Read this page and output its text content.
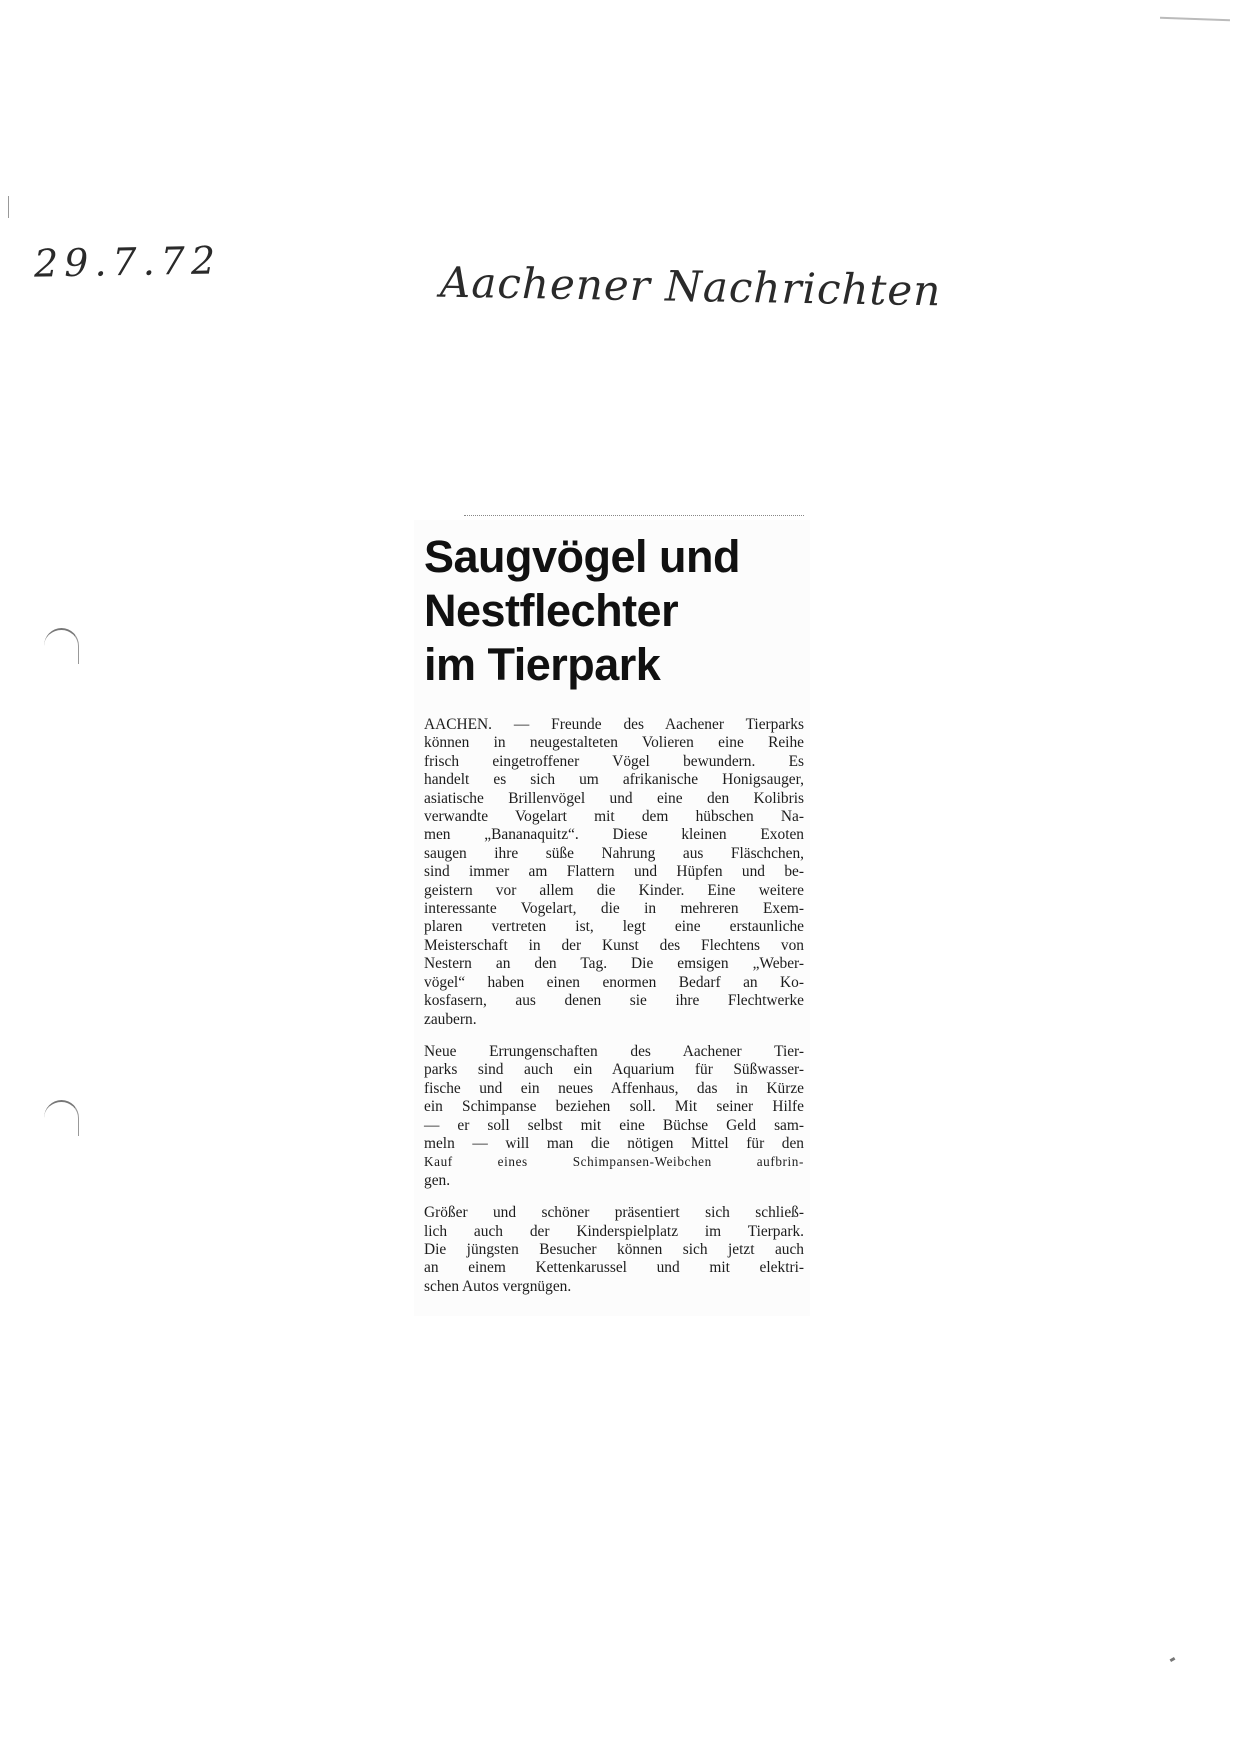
29.7.72	Aachener Nachrichten
Saugvögel und
Nestflechter
im Tierpark

AACHEN. — Freunde des Aachener Tierparks
können in neugestalteten Volieren eine Reihe
frisch eingetroffener Vögel bewundern. Es
handelt es sich um afrikanische Honigsauger,
asiatische Brillenvögel und eine den Kolibris
verwandte Vogelart mit dem hübschen Na-
men „Bananaquitz“. Diese kleinen Exoten
saugen ihre süße Nahrung aus Fläschchen,
sind immer am Flattern und Hüpfen und be-
geistern vor allem die Kinder. Eine weitere
interessante Vogelart, die in mehreren Exem-
plaren vertreten ist, legt eine erstaunliche
Meisterschaft in der Kunst des Flechtens von
Nestern an den Tag. Die emsigen „Weber-
vögel“ haben einen enormen Bedarf an Ko-
kosfasern, aus denen sie ihre Flechtwerke
zaubern.

Neue Errungenschaften des Aachener Tier-
parks sind auch ein Aquarium für Süßwasser-
fische und ein neues Affenhaus, das in Kürze
ein Schimpanse beziehen soll. Mit seiner Hilfe
— er soll selbst mit eine Büchse Geld sam-
meln — will man die nötigen Mittel für den
Kauf eines Schimpansen-Weibchen aufbrin-
gen.

Größer und schöner präsentiert sich schließ-
lich auch der Kinderspielplatz im Tierpark.
Die jüngsten Besucher können sich jetzt auch
an einem Kettenkarussel und mit elektri-
schen Autos vergnügen.
